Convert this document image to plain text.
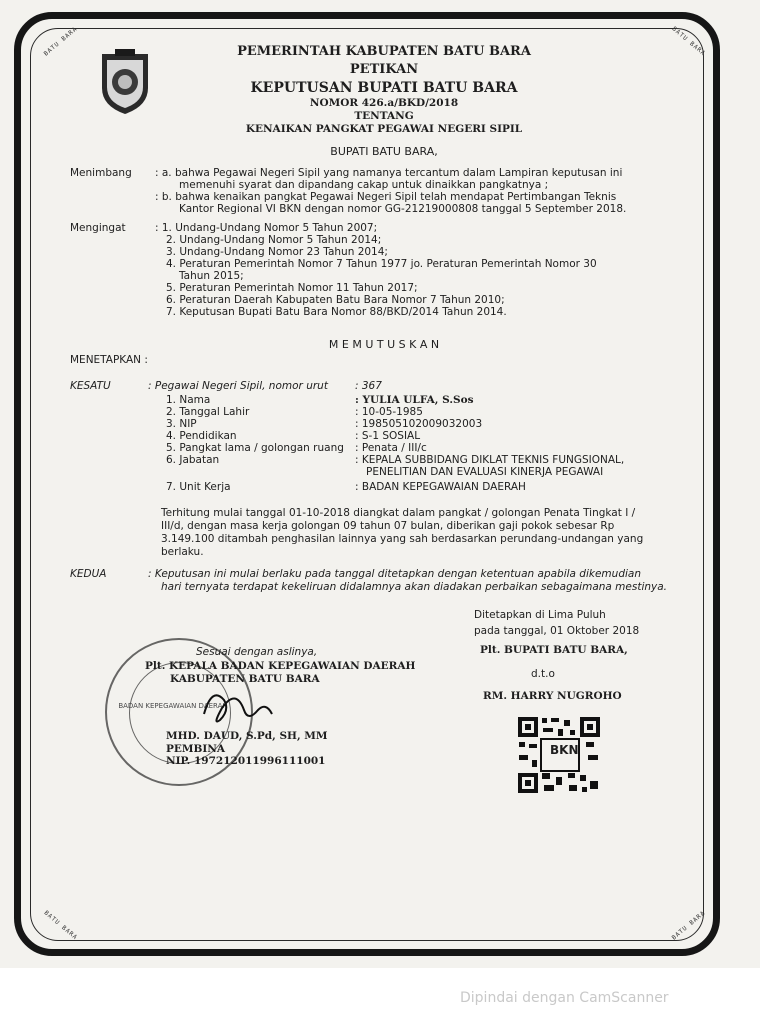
BATU BARA	BATU BARA
BATU BARA	BATU BARA
PEMERINTAH KABUPATEN BATU BARA
PETIKAN
KEPUTUSAN BUPATI BATU BARA
NOMOR 426.a/BKD/2018
TENTANG
KENAIKAN PANGKAT PEGAWAI NEGERI SIPIL
BUPATI BATU BARA,
Menimbang : a. bahwa Pegawai Negeri Sipil yang namanya tercantum dalam Lampiran keputusan ini
memenuhi syarat dan dipandang cakap untuk dinaikkan pangkatnya ;
: b. bahwa kenaikan pangkat Pegawai Negeri Sipil telah mendapat Pertimbangan Teknis
Kantor Regional VI BKN dengan nomor GG-21219000808 tanggal 5 September 2018.
Mengingat	: 1. Undang-Undang Nomor 5 Tahun 2007;
2. Undang-Undang Nomor 5 Tahun 2014;
3. Undang-Undang Nomor 23 Tahun 2014;
4. Peraturan Pemerintah Nomor 7 Tahun 1977 jo. Peraturan Pemerintah Nomor 30
Tahun 2015;
5. Peraturan Pemerintah Nomor 11 Tahun 2017;
6. Peraturan Daerah Kabupaten Batu Bara Nomor 7 Tahun 2010;
7. Keputusan Bupati Batu Bara Nomor 88/BKD/2014 Tahun 2014.
M E M U T U S K A N
MENETAPKAN :
KESATU	: Pegawai Negeri Sipil, nomor urut	: 367
1. Nama	: YULIA ULFA, S.Sos
2. Tanggal Lahir	: 10-05-1985
3. NIP	: 198505102009032003
4. Pendidikan	: S-1 SOSIAL
5. Pangkat lama / golongan ruang : Penata / III/c
6. Jabatan	: KEPALA SUBBIDANG DIKLAT TEKNIS FUNGSIONAL,
PENELITIAN DAN EVALUASI KINERJA PEGAWAI
7. Unit Kerja	: BADAN KEPEGAWAIAN DAERAH
Terhitung mulai tanggal 01-10-2018 diangkat dalam pangkat / golongan Penata Tingkat I /
III/d, dengan masa kerja golongan 09 tahun 07 bulan, diberikan gaji pokok sebesar Rp
3.149.100 ditambah penghasilan lainnya yang sah berdasarkan perundang-undangan yang
berlaku.
KEDUA	: Keputusan ini mulai berlaku pada tanggal ditetapkan dengan ketentuan apabila dikemudian
hari ternyata terdapat kekeliruan didalamnya akan diadakan perbaikan sebagaimana mestinya.
Ditetapkan di Lima Puluh
pada tanggal, 01 Oktober 2018
Plt. BUPATI BATU BARA,
d.t.o
RM. HARRY NUGROHO
BKN
BADAN KEPEGAWAIAN DAERAH
Sesuai dengan aslinya,
Plt. KEPALA BADAN KEPEGAWAIAN DAERAH
KABUPATEN BATU BARA
MHD. DAUD, S.Pd, SH, MM
PEMBINA
NIP. 197212011996111001
Dipindai dengan CamScanner
